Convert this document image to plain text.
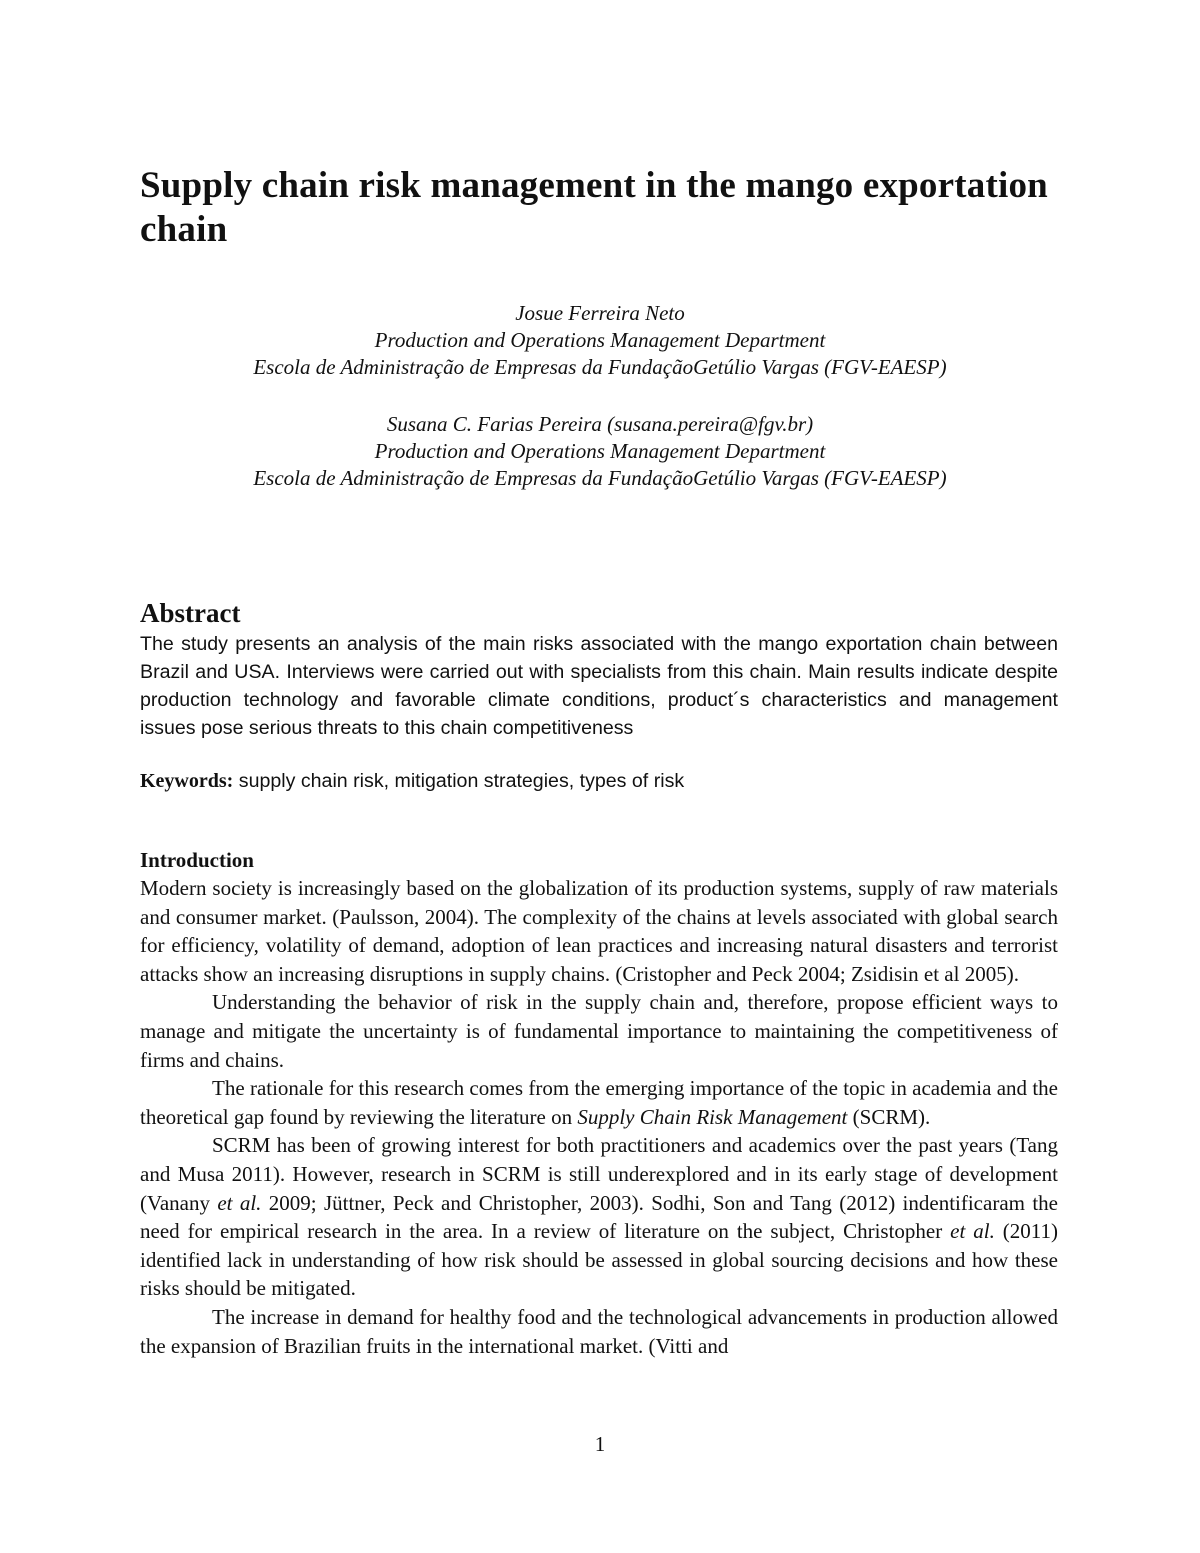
Supply chain risk management in the mango exportation chain
Josue Ferreira Neto
Production and Operations Management Department
Escola de Administração de Empresas da FundaçãoGetúlio Vargas (FGV-EAESP)
Susana C. Farias Pereira (susana.pereira@fgv.br)
Production and Operations Management Department
Escola de Administração de Empresas da FundaçãoGetúlio Vargas (FGV-EAESP)
Abstract

The study presents an analysis of the main risks associated with the mango exportation chain between Brazil and USA. Interviews were carried out with specialists from this chain. Main results indicate despite production technology and favorable climate conditions, product´s characteristics and management issues pose serious threats to this chain competitiveness

Keywords: supply chain risk, mitigation strategies, types of risk

Introduction

Modern society is increasingly based on the globalization of its production systems, supply of raw materials and consumer market. (Paulsson, 2004). The complexity of the chains at levels associated with global search for efficiency, volatility of demand, adoption of lean practices and increasing natural disasters and terrorist attacks show an increasing disruptions in supply chains. (Cristopher and Peck 2004; Zsidisin et al 2005).

Understanding the behavior of risk in the supply chain and, therefore, propose efficient ways to manage and mitigate the uncertainty is of fundamental importance to maintaining the competitiveness of firms and chains.

The rationale for this research comes from the emerging importance of the topic in academia and the theoretical gap found by reviewing the literature on Supply Chain Risk Management (SCRM).

SCRM has been of growing interest for both practitioners and academics over the past years (Tang and Musa 2011). However, research in SCRM is still underexplored and in its early stage of development (Vanany et al. 2009; Jüttner, Peck and Christopher, 2003). Sodhi, Son and Tang (2012) indentificaram the need for empirical research in the area. In a review of literature on the subject, Christopher et al. (2011) identified lack in understanding of how risk should be assessed in global sourcing decisions and how these risks should be mitigated.

The increase in demand for healthy food and the technological advancements in production allowed the expansion of Brazilian fruits in the international market. (Vitti and

1
